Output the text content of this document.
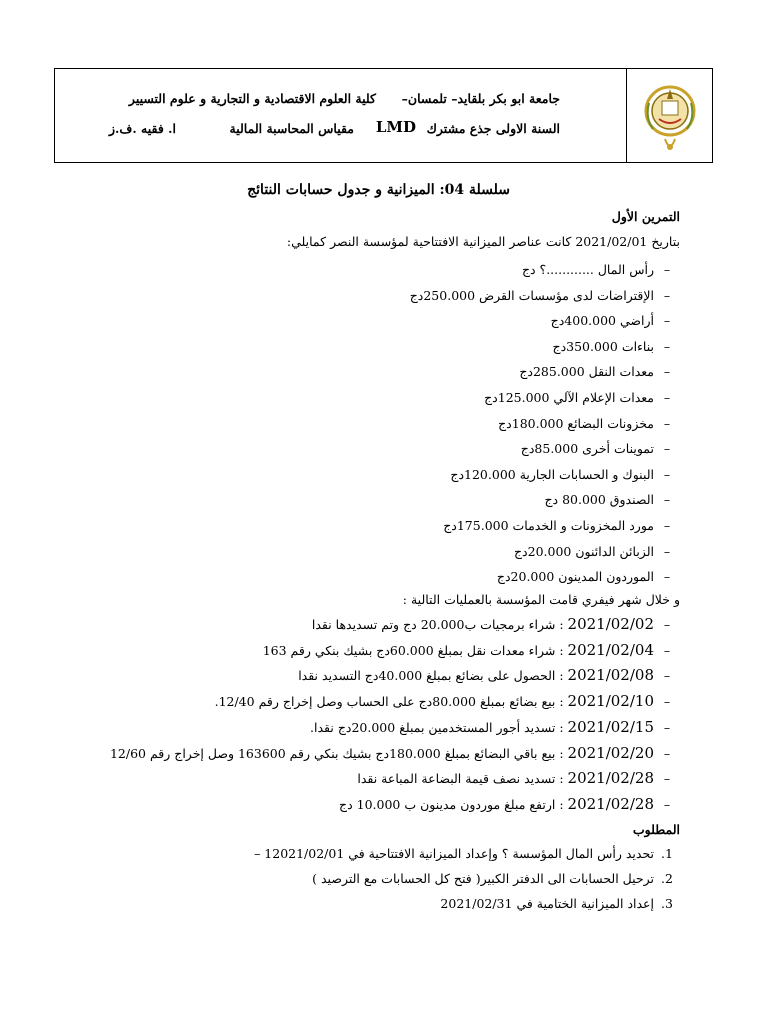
جامعة ابو بكر بلقايد– تلمسان–
كلية العلوم الاقتصادية و التجارية و علوم التسيير
السنة الاولى جذع مشترك
LMD
مقياس المحاسبة المالية
ا. فقيه .ف.ز
سلسلة 04: الميزانية و جدول حسابات النتائج
التمرين الأول
بتاريخ 2021/02/01 كانت عناصر الميزانية الافتتاحية لمؤسسة النصر كمايلي:
–رأس المال ............؟ دج
–الإقتراضات لدى مؤسسات القرض 250.000دج
–أراضي 400.000دج
–بناءات 350.000دج
–معدات النقل 285.000دج
–معدات الإعلام الآلي 125.000دج
–مخزونات البضائع 180.000دج
–تموينات أخرى 85.000دج
–البنوك و الحسابات الجارية 120.000دج
–الصندوق 80.000 دج
–مورد المخزونات و الخدمات 175.000دج
–الزبائن الدائنون 20.000دج
–الموردون المدينون 20.000دج
و خلال شهر فيفري قامت المؤسسة بالعمليات التالية :
–2021/02/02 : شراء برمجيات ب20.000 دج وتم تسديدها نقدا
–2021/02/04 : شراء معدات نقل بمبلغ 60.000دج بشيك بنكي رقم 163
–2021/02/08 : الحصول على بضائع بمبلغ 40.000دج التسديد نقدا
–2021/02/10 : بيع بضائع بمبلغ 80.000دج على الحساب وصل إخراج رقم 12/40.
–2021/02/15 : تسديد أجور المستخدمين بمبلغ 20.000دج نقدا.
–2021/02/20 : بيع باقي البضائع بمبلغ 180.000دج بشيك بنكي رقم 163600 وصل إخراج رقم 12/60
–2021/02/28 : تسديد نصف قيمة البضاعة المباعة نقدا
–2021/02/28 : ارتفع مبلغ موردون مدينون ب 10.000 دج
المطلوب
1.تحديد رأس المال المؤسسة ؟ وإعداد الميزانية الافتتاحية في 12021/02/01 –
2.ترحيل الحسابات الى الدفتر الكبير( فتح كل الحسابات مع الترصيد )
3.إعداد الميزانية الختامية في 2021/02/31
